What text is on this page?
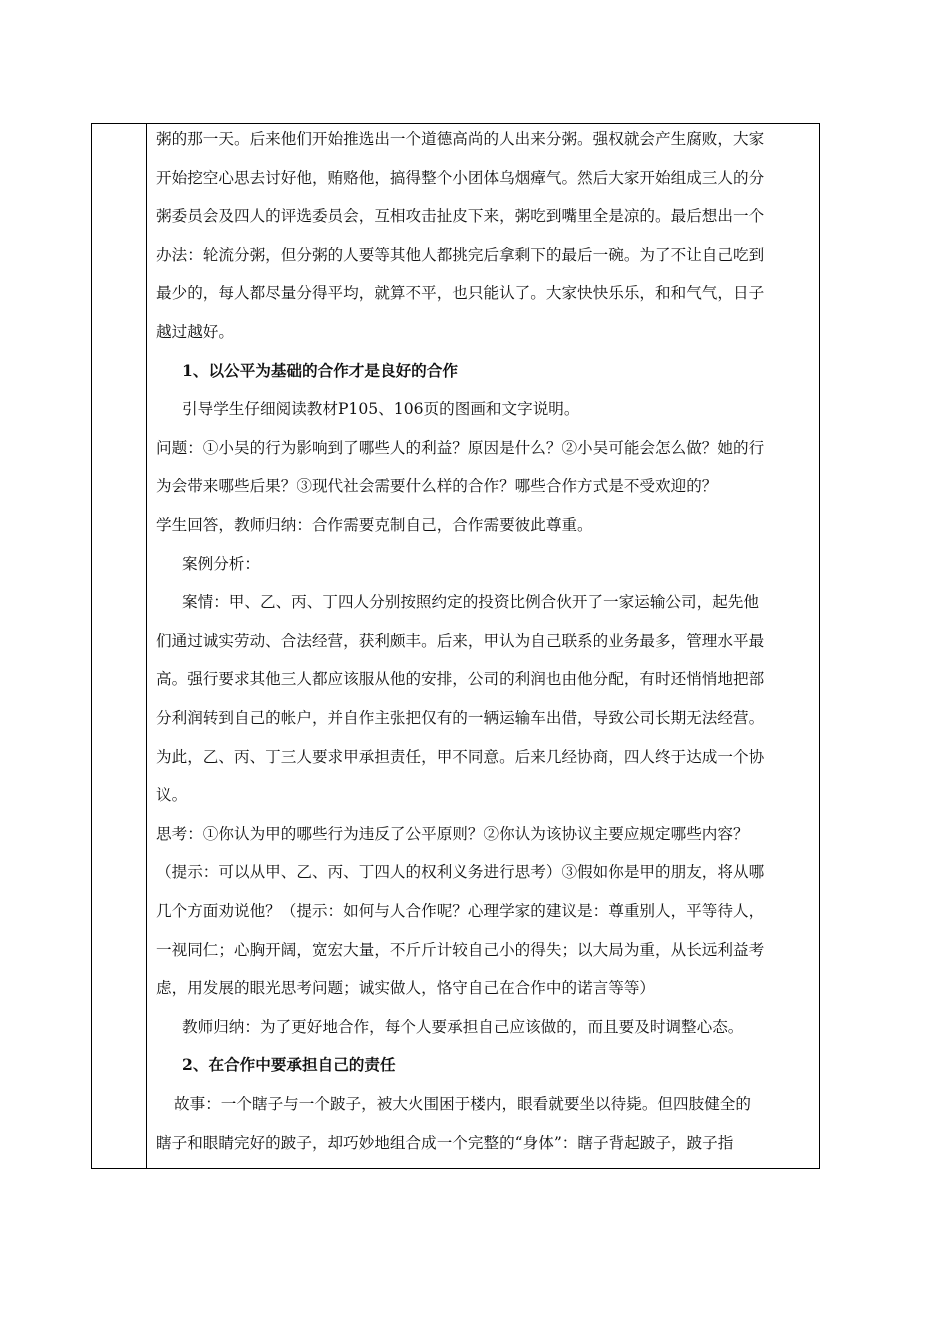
粥的那一天。后来他们开始推选出一个道德高尚的人出来分粥。强权就会产生腐败，大家
开始挖空心思去讨好他，贿赂他，搞得整个小团体乌烟瘴气。然后大家开始组成三人的分
粥委员会及四人的评选委员会，互相攻击扯皮下来，粥吃到嘴里全是凉的。最后想出一个
办法：轮流分粥，但分粥的人要等其他人都挑完后拿剩下的最后一碗。为了不让自己吃到
最少的，每人都尽量分得平均，就算不平，也只能认了。大家快快乐乐，和和气气，日子
越过越好。
1、以公平为基础的合作才是良好的合作
引导学生仔细阅读教材P105、106页的图画和文字说明。
问题：①小吴的行为影响到了哪些人的利益？原因是什么？②小吴可能会怎么做？她的行
为会带来哪些后果？③现代社会需要什么样的合作？哪些合作方式是不受欢迎的？
学生回答，教师归纳：合作需要克制自己，合作需要彼此尊重。
案例分析：
案情：甲、乙、丙、丁四人分别按照约定的投资比例合伙开了一家运输公司，起先他
们通过诚实劳动、合法经营，获利颇丰。后来，甲认为自己联系的业务最多，管理水平最
高。强行要求其他三人都应该服从他的安排，公司的利润也由他分配，有时还悄悄地把部
分利润转到自己的帐户，并自作主张把仅有的一辆运输车出借，导致公司长期无法经营。
为此，乙、丙、丁三人要求甲承担责任，甲不同意。后来几经协商，四人终于达成一个协
议。
思考：①你认为甲的哪些行为违反了公平原则？②你认为该协议主要应规定哪些内容？
（提示：可以从甲、乙、丙、丁四人的权利义务进行思考）③假如你是甲的朋友，将从哪
几个方面劝说他？（提示：如何与人合作呢？心理学家的建议是：尊重别人，平等待人，
一视同仁；心胸开阔，宽宏大量，不斤斤计较自己小的得失；以大局为重，从长远利益考
虑，用发展的眼光思考问题；诚实做人，恪守自己在合作中的诺言等等）
教师归纳：为了更好地合作，每个人要承担自己应该做的，而且要及时调整心态。
2、在合作中要承担自己的责任
故事：一个瞎子与一个跛子，被大火围困于楼内，眼看就要坐以待毙。但四肢健全的
瞎子和眼睛完好的跛子，却巧妙地组合成一个完整的“身体”：瞎子背起跛子，跛子指
